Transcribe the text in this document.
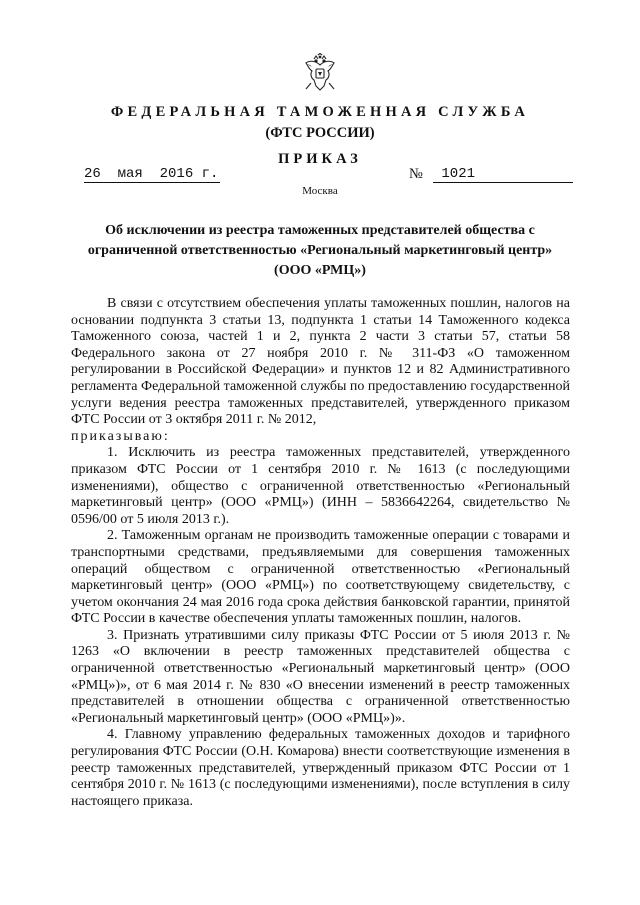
ФЕДЕРАЛЬНАЯ ТАМОЖЕННАЯ СЛУЖБА
(ФТС РОССИИ)
ПРИКАЗ
26  мая  2016 г.	№ 1021
Москва
Об исключении из реестра таможенных представителей общества с ограниченной ответственностью «Региональный маркетинговый центр» (ООО «РМЦ»)

В связи с отсутствием обеспечения уплаты таможенных пошлин, налогов на основании подпункта 3 статьи 13, подпункта 1 статьи 14 Таможенного кодекса Таможенного союза, частей 1 и 2, пункта 2 части 3 статьи 57, статьи 58 Федерального закона от 27 ноября 2010 г. № 311-ФЗ «О таможенном регулировании в Российской Федерации» и пунктов 12 и 82 Административного регламента Федеральной таможенной службы по предоставлению государственной услуги ведения реестра таможенных представителей, утвержденного приказом ФТС России от 3 октября 2011 г. № 2012,

приказываю:

1. Исключить из реестра таможенных представителей, утвержденного приказом ФТС России от 1 сентября 2010 г. № 1613 (с последующими изменениями), общество с ограниченной ответственностью «Региональный маркетинговый центр» (ООО «РМЦ») (ИНН – 5836642264, свидетельство № 0596/00 от 5 июля 2013 г.).

2. Таможенным органам не производить таможенные операции с товарами и транспортными средствами, предъявляемыми для совершения таможенных операций обществом с ограниченной ответственностью «Региональный маркетинговый центр» (ООО «РМЦ») по соответствующему свидетельству, с учетом окончания 24 мая 2016 года срока действия банковской гарантии, принятой ФТС России в качестве обеспечения уплаты таможенных пошлин, налогов.

3. Признать утратившими силу приказы ФТС России от 5 июля 2013 г. № 1263 «О включении в реестр таможенных представителей общества с ограниченной ответственностью «Региональный маркетинговый центр» (ООО «РМЦ»)», от 6 мая 2014 г. № 830 «О внесении изменений в реестр таможенных представителей в отношении общества с ограниченной ответственностью «Региональный маркетинговый центр» (ООО «РМЦ»)».

4. Главному управлению федеральных таможенных доходов и тарифного регулирования ФТС России (О.Н. Комарова) внести соответствующие изменения в реестр таможенных представителей, утвержденный приказом ФТС России от 1 сентября 2010 г. № 1613 (с последующими изменениями), после вступления в силу настоящего приказа.
